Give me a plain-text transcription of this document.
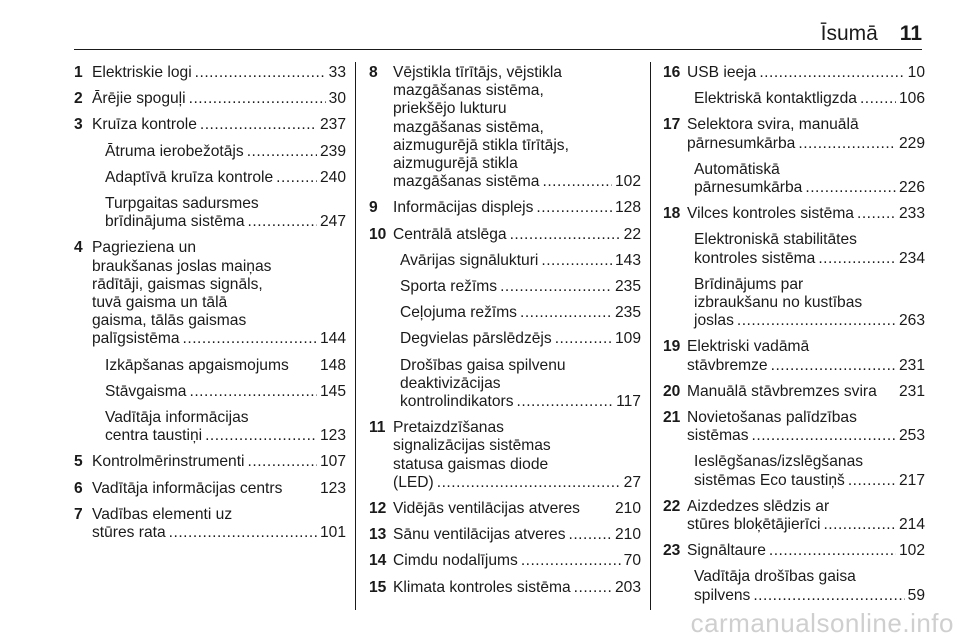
Īsumā 11
1 Elektriskie logi .....	33
2 Ārējie spoguļi .....	30
3 Kruīza kontrole .....	237
Ātruma ierobežotājs .....	239
Adaptīvā kruīza kontrole .....	240
Turpgaitas sadursmes
brīdinājuma sistēma .....	247
4 Pagrieziena un
braukšanas joslas maiņas
rādītāji, gaismas signāls,
tuvā gaisma un tālā
gaisma, tālās gaismas
palīgsistēma .....	144
Izkāpšanas apgaismojums 148
Stāvgaisma .....	145
Vadītāja informācijas
centra taustiņi .....	123
5 Kontrolmērinstrumenti .....	107
6 Vadītāja informācijas centrs 123
7 Vadības elementi uz
stūres rata .....	101
8 Vējstikla tīrītājs, vējstikla
mazgāšanas sistēma,
priekšējo lukturu
mazgāšanas sistēma,
aizmugurējā stikla tīrītājs,
aizmugurējā stikla
mazgāšanas sistēma .....	102
9 Informācijas displejs .....	128
10 Centrālā atslēga .....	22
Avārijas signālukturi .....	143
Sporta režīms .....	235
Ceļojuma režīms .....	235
Degvielas pārslēdzējs .....	109
Drošības gaisa spilvenu
deaktivizācijas
kontrolindikators .....	117
11 Pretaizdzīšanas
signalizācijas sistēmas
statusa gaismas diode
(LED) .....	27
12 Vidējās ventilācijas atveres 210
13 Sānu ventilācijas atveres .....	210
14 Cimdu nodalījums .....	70
15 Klimata kontroles sistēma .....	203
16 USB ieeja .....	10
Elektriskā kontaktligzda .....	106
17 Selektora svira, manuālā
pārnesumkārba .....	229
Automātiskā
pārnesumkārba .....	226
18 Vilces kontroles sistēma .....	233
Elektroniskā stabilitātes
kontroles sistēma .....	234
Brīdinājums par
izbraukšanu no kustības
joslas .....	263
19 Elektriski vadāmā
stāvbremze .....	231
20 Manuālā stāvbremzes svira 231
21 Novietošanas palīdzības
sistēmas .....	253
Ieslēgšanas/izslēgšanas
sistēmas Eco taustiņš .....	217
22 Aizdedzes slēdzis ar
stūres bloķētājierīci .....	214
23 Signāltaure .....	102
Vadītāja drošības gaisa
spilvens .....	59
carmanualsonline.info
